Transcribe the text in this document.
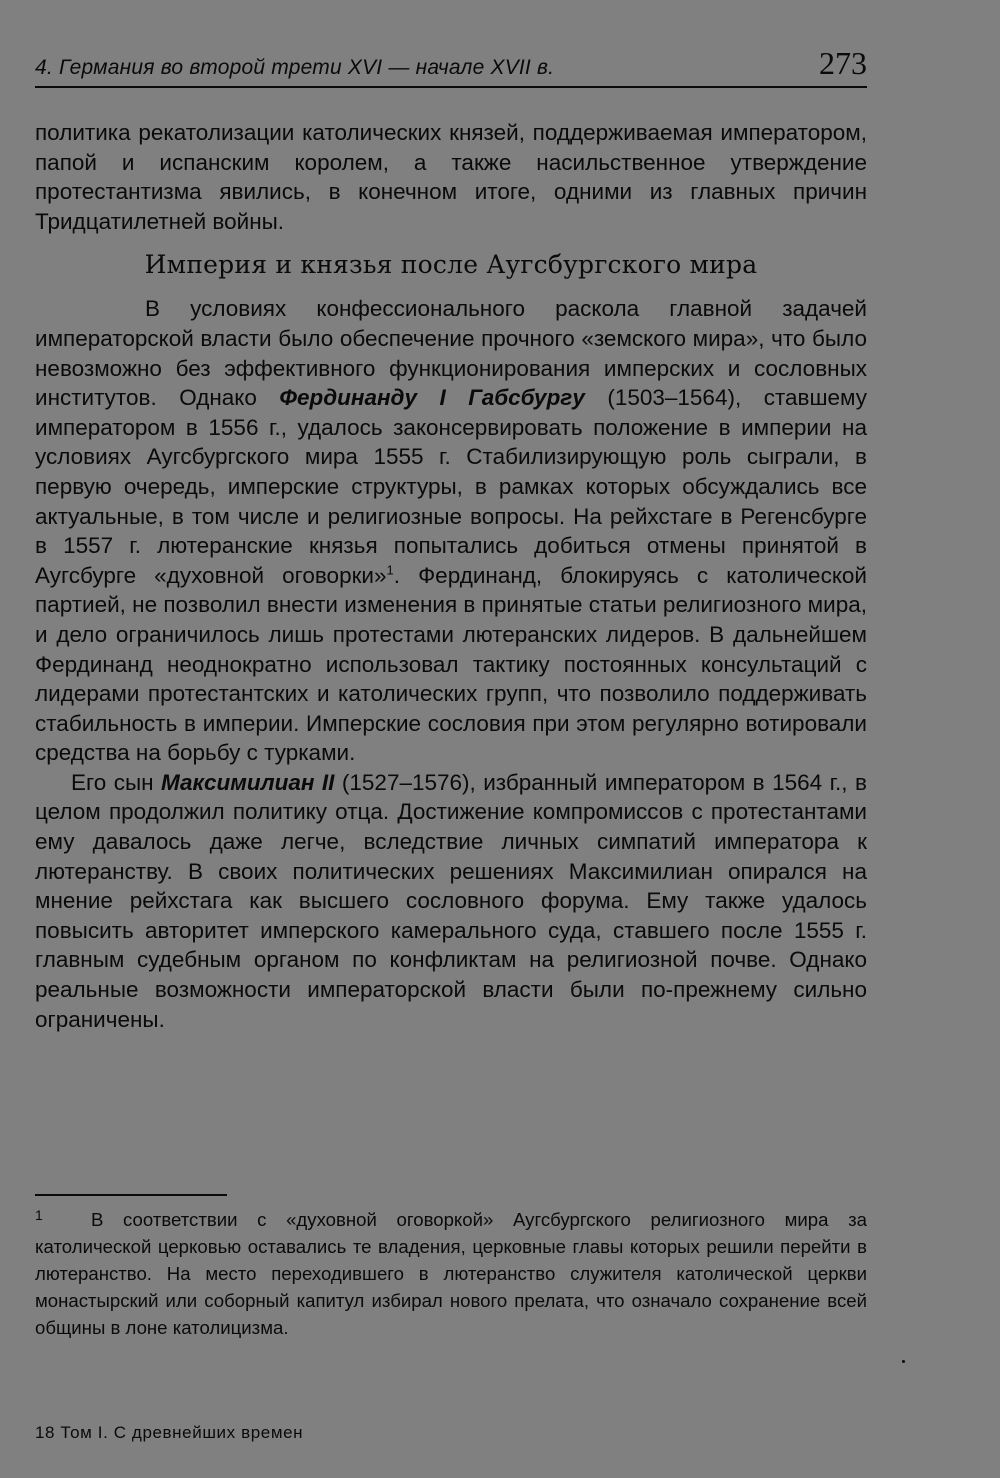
4. Германия во второй трети XVI — начале XVII в.	273

политика рекатолизации католических князей, поддерживаемая императором, папой и испанским королем, а также насильственное утверждение протестантизма явились, в конечном итоге, одними из главных причин Тридцатилетней войны.

Империя и князья после Аугсбургского мира

В условиях конфессионального раскола главной задачей императорской власти было обеспечение прочного «земского мира», что было невозможно без эффективного функционирования имперских и сословных институтов. Однако Фердинанду I Габсбургу (1503–1564), ставшему императором в 1556 г., удалось законсервировать положение в империи на условиях Аугсбургского мира 1555 г. Стабилизирующую роль сыграли, в первую очередь, имперские структуры, в рамках которых обсуждались все актуальные, в том числе и религиозные вопросы. На рейхстаге в Регенсбурге в 1557 г. лютеранские князья попытались добиться отмены принятой в Аугсбурге «духовной оговорки»$^1$. Фердинанд, блокируясь с католической партией, не позволил внести изменения в принятые статьи религиозного мира, и дело ограничилось лишь протестами лютеранских лидеров. В дальнейшем Фердинанд неоднократно использовал тактику постоянных консультаций с лидерами протестантских и католических групп, что позволило поддерживать стабильность в империи. Имперские сословия при этом регулярно вотировали средства на борьбу с турками.

Его сын Максимилиан II (1527–1576), избранный императором в 1564 г., в целом продолжил политику отца. Достижение компромиссов с протестантами ему давалось даже легче, вследствие личных симпатий императора к лютеранству. В своих политических решениях Максимилиан опирался на мнение рейхстага как высшего сословного форума. Ему также удалось повысить авторитет имперского камерального суда, ставшего после 1555 г. главным судебным органом по конфликтам на религиозной почве. Однако реальные возможности императорской власти были по-прежнему сильно ограничены.

1	В соответствии с «духовной оговоркой» Аугсбургского религиозного мира за католической церковью оставались те владения, церковные главы которых решили перейти в лютеранство. На место переходившего в лютеранство служителя католической церкви монастырский или соборный капитул избирал нового прелата, что означало сохранение всей общины в лоне католицизма.
18 Том I. С древнейших времен
